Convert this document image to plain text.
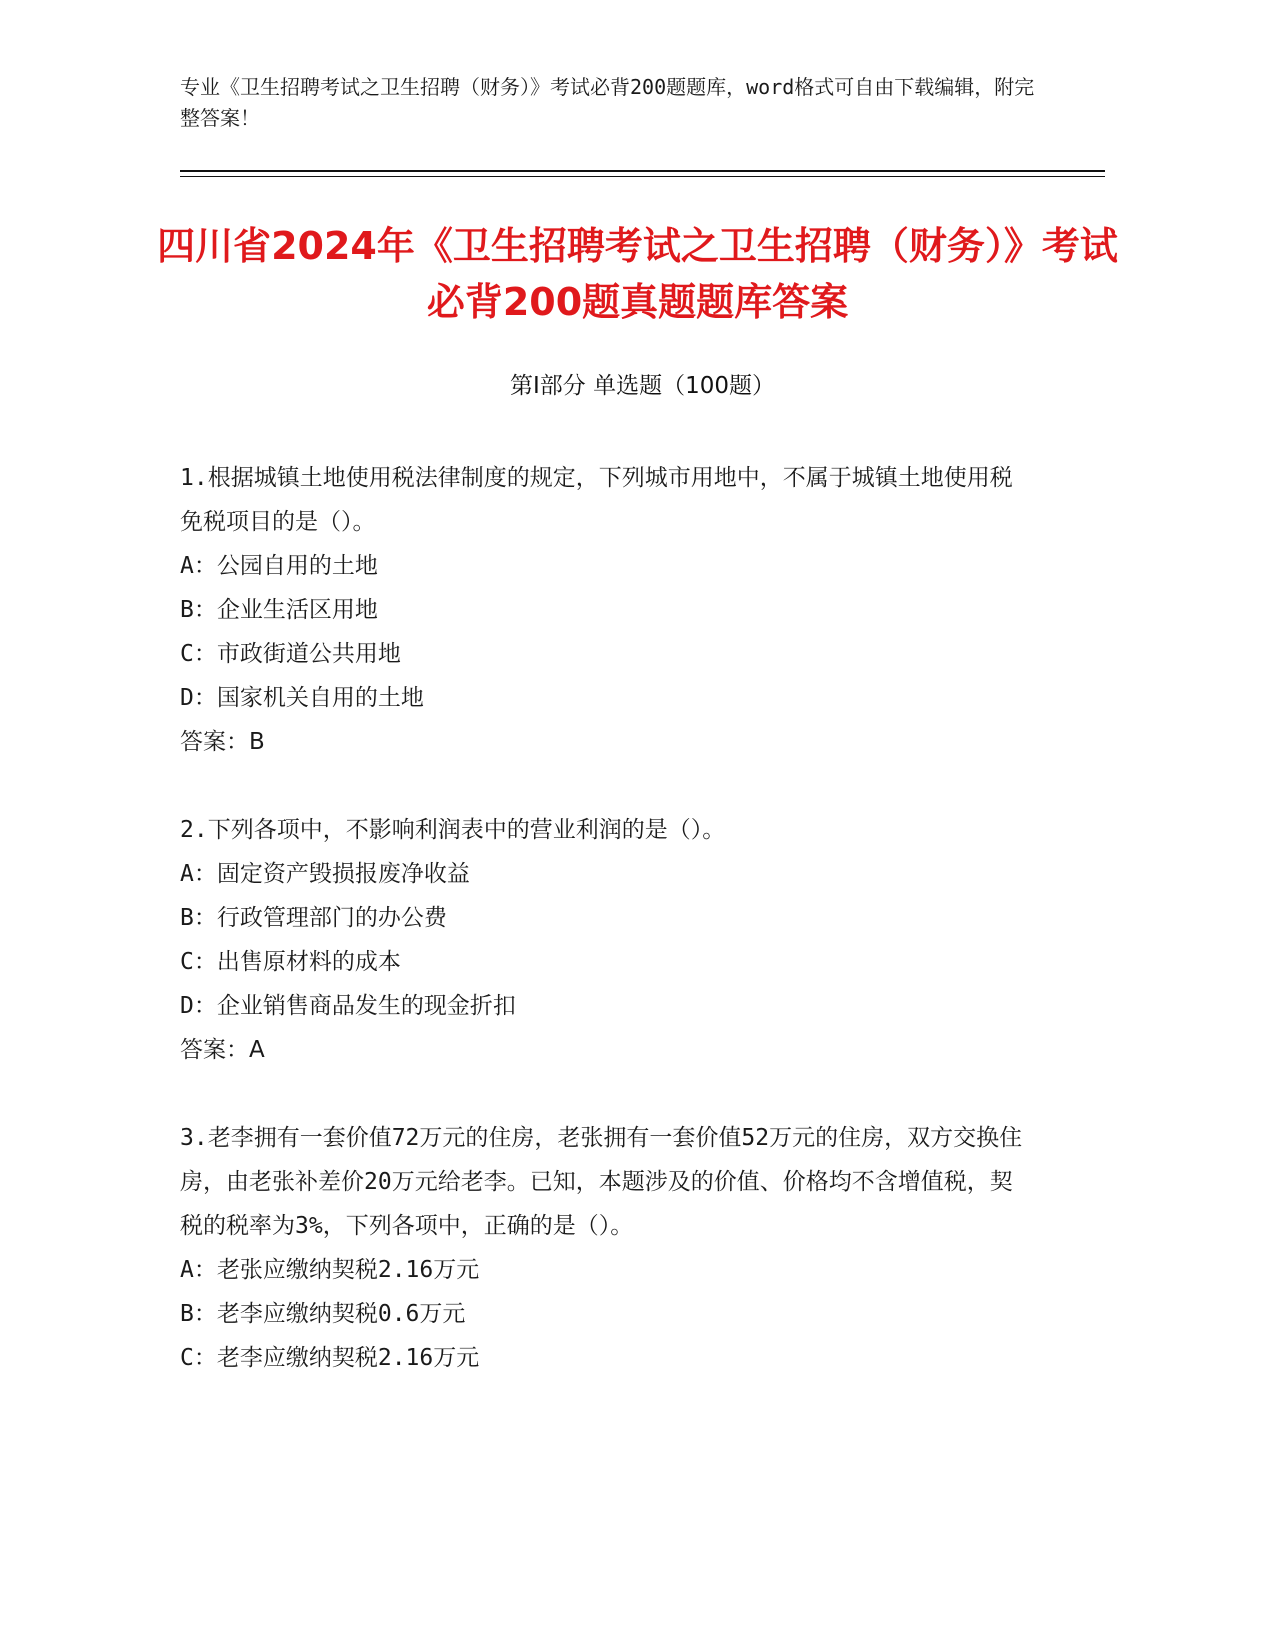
专业《卫生招聘考试之卫生招聘（财务）》考试必背200题题库，word格式可自由下载编辑，附完整答案！
四川省2024年《卫生招聘考试之卫生招聘（财务）》考试必背200题真题题库答案
第I部分 单选题（100题）

1.根据城镇土地使用税法律制度的规定，下列城市用地中，不属于城镇土地使用税免税项目的是（）。

A：公园自用的土地

B：企业生活区用地

C：市政街道公共用地

D：国家机关自用的土地

答案：B

2.下列各项中，不影响利润表中的营业利润的是（）。

A：固定资产毁损报废净收益

B：行政管理部门的办公费

C：出售原材料的成本

D：企业销售商品发生的现金折扣

答案：A

3.老李拥有一套价值72万元的住房，老张拥有一套价值52万元的住房，双方交换住房，由老张补差价20万元给老李。已知，本题涉及的价值、价格均不含增值税，契税的税率为3%，下列各项中，正确的是（）。

A：老张应缴纳契税2.16万元

B：老李应缴纳契税0.6万元

C：老李应缴纳契税2.16万元
